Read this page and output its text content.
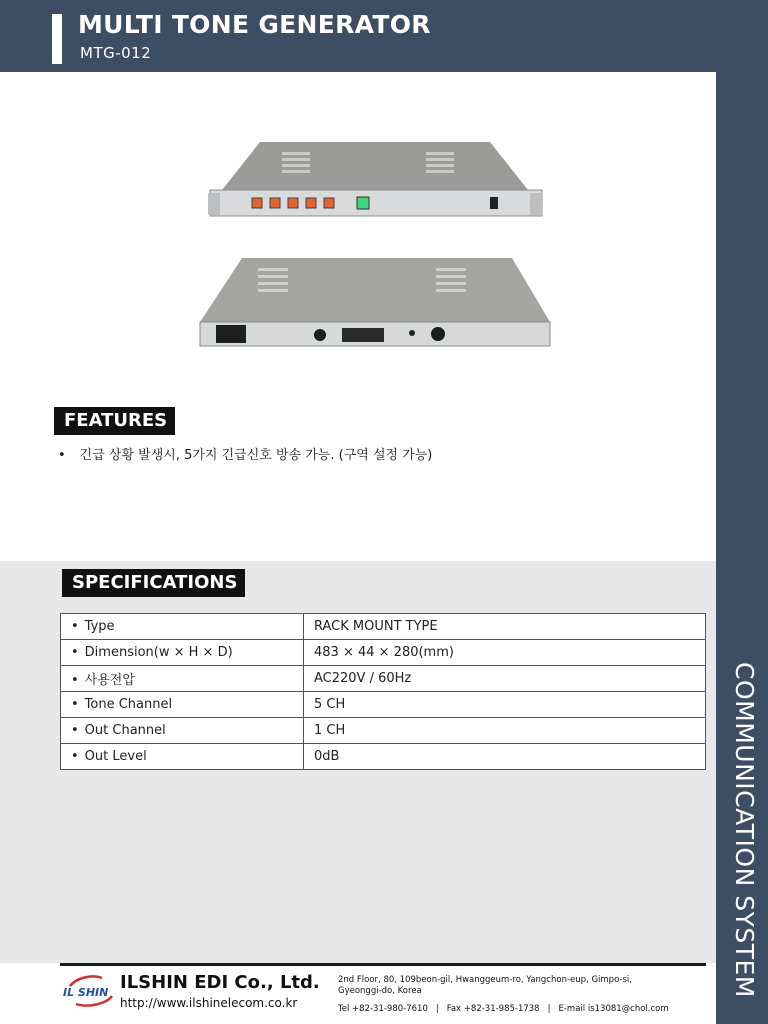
MULTI TONE GENERATOR
MTG-012
COMMUNICATION SYSTEM
FEATURES
• 긴급 상황 발생시, 5가지 긴급신호 방송 가능. (구역 설정 가능)
SPECIFICATIONS
• Type	RACK MOUNT TYPE
• Dimension(w × H × D)	483 × 44 × 280(mm)
• 사용전압	AC220V / 60Hz
• Tone Channel	5 CH
• Out Channel	1 CH
• Out Level	0dB
IL SHIN ILSHIN EDI Co., Ltd.
http://www.ilshinelecom.co.kr
2nd Floor, 80, 109beon-gil, Hwanggeum-ro, Yangchon-eup, Gimpo-si, Gyeonggi-do, Korea
Tel +82-31-980-7610 | Fax +82-31-985-1738 | E-mail is13081@chol.com
